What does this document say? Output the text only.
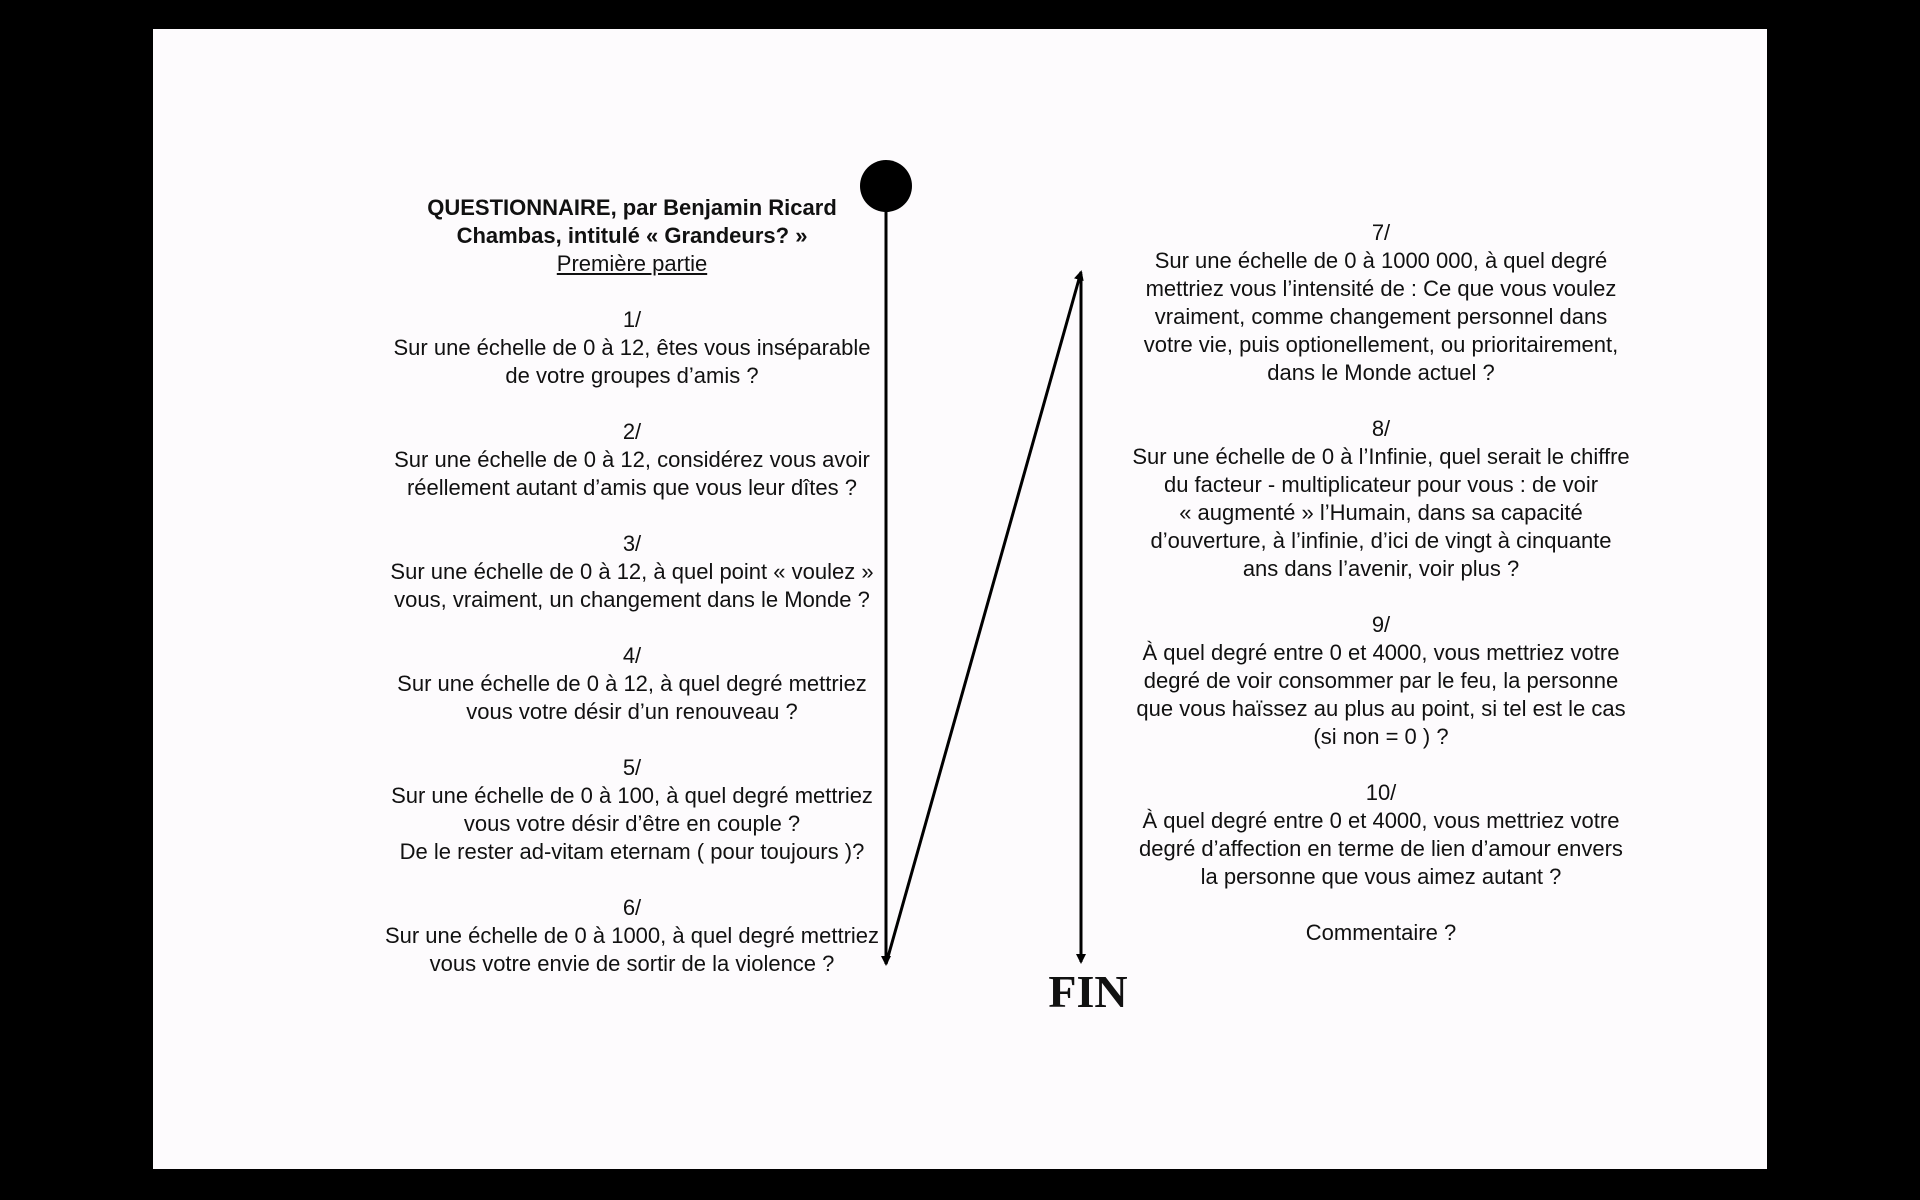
QUESTIONNAIRE, par Benjamin Ricard
Chambas, intitulé « Grandeurs? »
Première partie
1/
Sur une échelle de 0 à 12, êtes vous inséparable
de votre groupes d’amis ?
2/
Sur une échelle de 0 à 12, considérez vous avoir
réellement autant d’amis que vous leur dîtes ?
3/
Sur une échelle de 0 à 12, à quel point « voulez »
vous, vraiment, un changement dans le Monde ?
4/
Sur une échelle de 0 à 12, à quel degré mettriez
vous votre désir d’un renouveau ?
5/
Sur une échelle de 0 à 100, à quel degré mettriez
vous votre désir d’être en couple ?
De le rester ad-vitam eternam ( pour toujours )?
6/
Sur une échelle de 0 à 1000, à quel degré mettriez
vous votre envie de sortir de la violence ?
7/
Sur une échelle de 0 à 1000 000, à quel degré
mettriez vous l’intensité de : Ce que vous voulez
vraiment, comme changement personnel dans
votre vie, puis optionellement, ou prioritairement,
dans le Monde actuel ?
8/
Sur une échelle de 0 à l’Infinie, quel serait le chiffre
du facteur - multiplicateur pour vous : de voir
« augmenté » l’Humain, dans sa capacité
d’ouverture, à l’infinie, d’ici de vingt à cinquante
ans dans l’avenir, voir plus ?
9/
À quel degré entre 0 et 4000, vous mettriez votre
degré de voir consommer par le feu, la personne
que vous haïssez au plus au point, si tel est le cas
(si non = 0 ) ?
10/
À quel degré entre 0 et 4000, vous mettriez votre
degré d’affection en terme de lien d’amour envers
la personne que vous aimez autant ?
Commentaire ?
FIN
